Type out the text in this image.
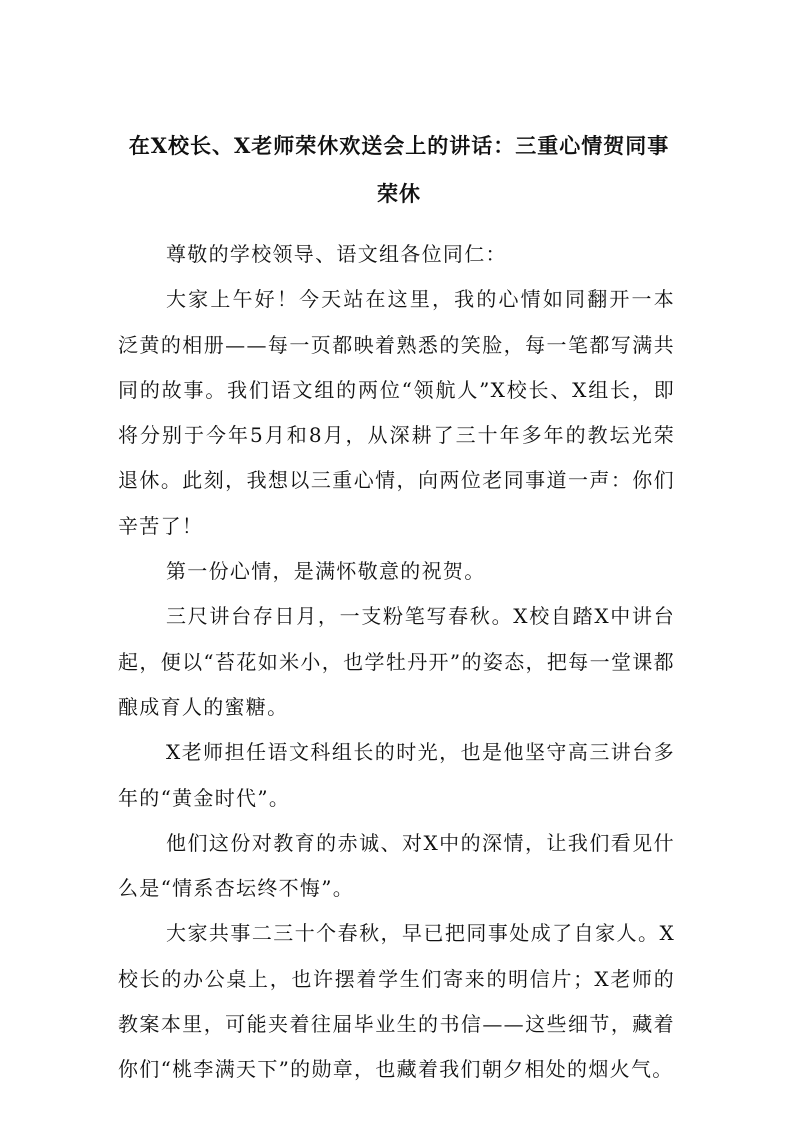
在X校长、X老师荣休欢送会上的讲话：三重心情贺同事荣休

尊敬的学校领导、语文组各位同仁：

大家上午好！今天站在这里，我的心情如同翻开一本泛黄的相册——每一页都映着熟悉的笑脸，每一笔都写满共同的故事。我们语文组的两位“领航人”X校长、X组长，即将分别于今年5月和8月，从深耕了三十年多年的教坛光荣退休。此刻，我想以三重心情，向两位老同事道一声：你们辛苦了！

第一份心情，是满怀敬意的祝贺。

三尺讲台存日月，一支粉笔写春秋。X校自踏X中讲台起，便以“苔花如米小，也学牡丹开”的姿态，把每一堂课都酿成育人的蜜糖。

X老师担任语文科组长的时光，也是他坚守高三讲台多年的“黄金时代”。

他们这份对教育的赤诚、对X中的深情，让我们看见什么是“情系杏坛终不悔”。

大家共事二三十个春秋，早已把同事处成了自家人。X校长的办公桌上，也许摆着学生们寄来的明信片；X老师的教案本里，可能夹着往届毕业生的书信——这些细节，藏着你们“桃李满天下”的勋章，也藏着我们朝夕相处的烟火气。
